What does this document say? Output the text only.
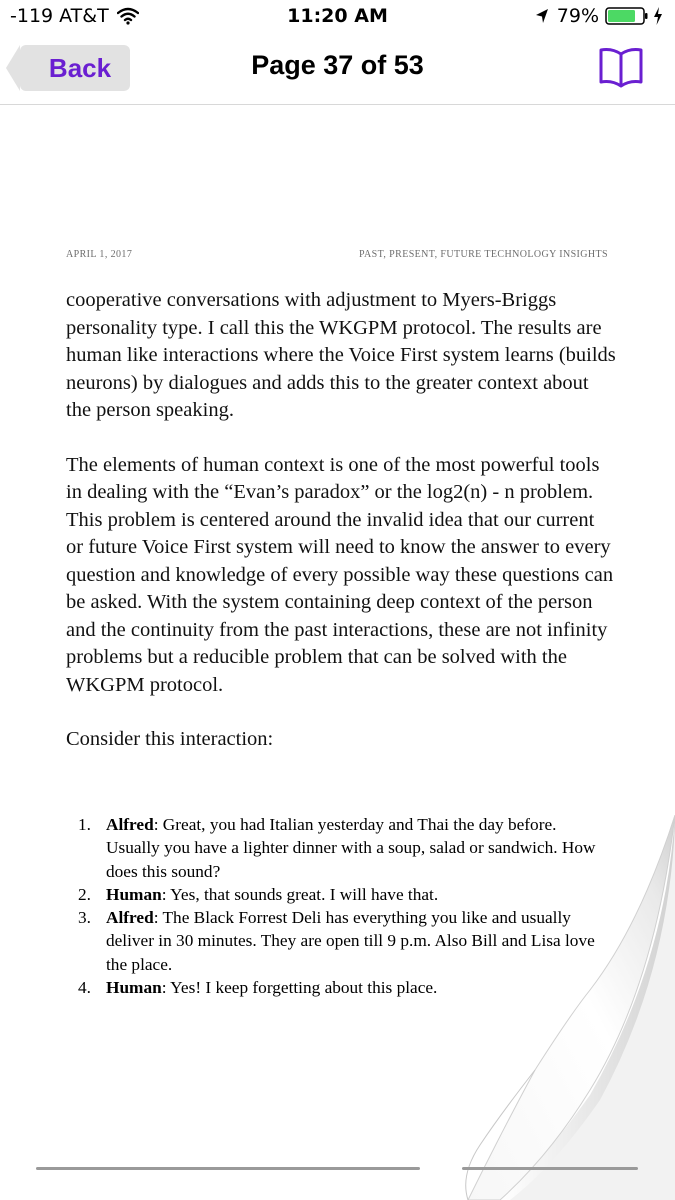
-119 AT&T	11:20 AM	79%
Back	Page 37 of 53
APRIL 1, 2017	PAST, PRESENT, FUTURE TECHNOLOGY INSIGHTS

cooperative conversations with adjustment to Myers-Briggs personality type. I call this the WKGPM protocol. The results are human like interactions where the Voice First system learns (builds neurons) by dialogues and adds this to the greater context about the person speaking.

The elements of human context is one of the most powerful tools in dealing with the “Evan’s paradox” or the log2(n) - n problem. This problem is centered around the invalid idea that our current or future Voice First system will need to know the answer to every question and knowledge of every possible way these questions can be asked. With the system containing deep context of the person and the continuity from the past interactions, these are not infinity problems but a reducible problem that can be solved with the WKGPM protocol.

Consider this interaction:

1. Alfred: Great, you had Italian yesterday and Thai the day before. Usually you have a lighter dinner with a soup, salad or sandwich. How does this sound?
2. Human: Yes, that sounds great. I will have that.
3. Alfred: The Black Forrest Deli has everything you like and usually deliver in 30 minutes. They are open till 9 p.m. Also Bill and Lisa love the place.
4. Human: Yes! I keep forgetting about this place.
